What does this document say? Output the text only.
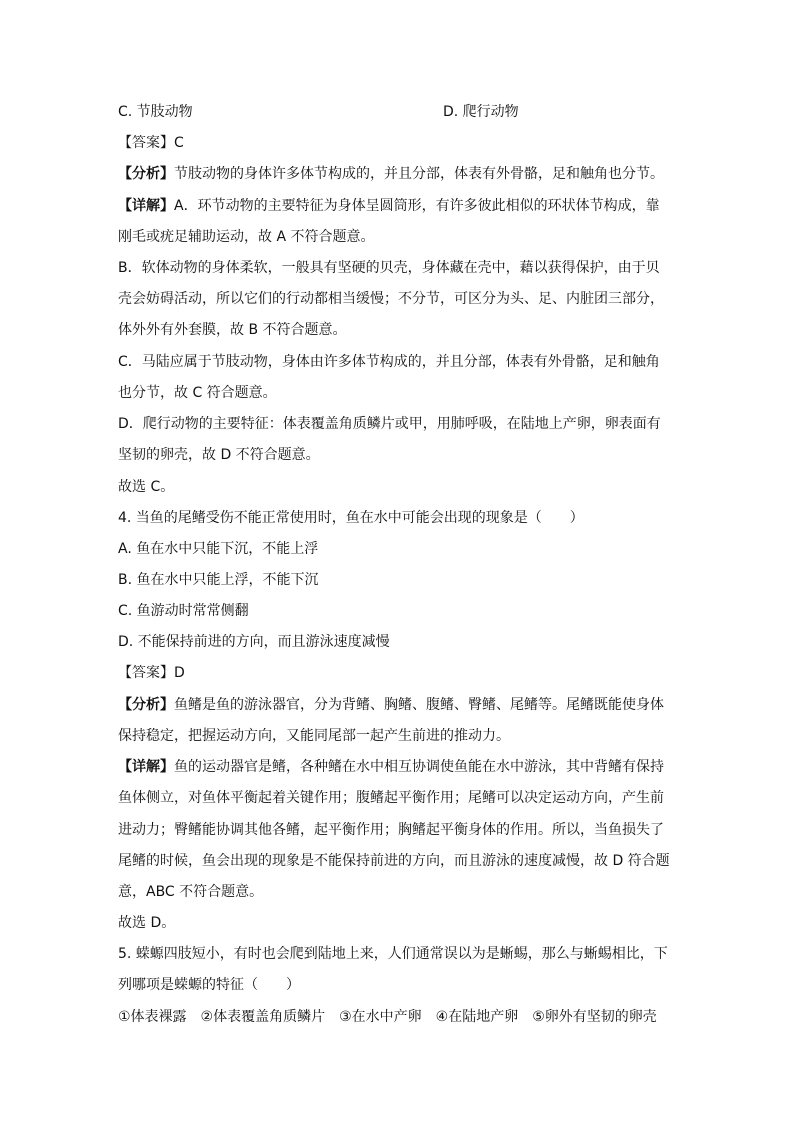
C. 节肢动物	D. 爬行动物
【答案】C
【分析】节肢动物的身体许多体节构成的，并且分部，体表有外骨骼，足和触角也分节。
【详解】A．环节动物的主要特征为身体呈圆筒形，有许多彼此相似的环状体节构成，靠
刚毛或疣足辅助运动，故 A 不符合题意。
B．软体动物的身体柔软，一般具有坚硬的贝壳，身体藏在壳中，藉以获得保护，由于贝
壳会妨碍活动，所以它们的行动都相当缓慢；不分节，可区分为头、足、内脏团三部分，
体外外有外套膜，故 B 不符合题意。
C．马陆应属于节肢动物，身体由许多体节构成的，并且分部，体表有外骨骼，足和触角
也分节，故 C 符合题意。
D．爬行动物的主要特征：体表覆盖角质鳞片或甲，用肺呼吸，在陆地上产卵，卵表面有
坚韧的卵壳，故 D 不符合题意。
故选 C。
4. 当鱼的尾鳍受伤不能正常使用时，鱼在水中可能会出现的现象是（　　）
A. 鱼在水中只能下沉，不能上浮
B. 鱼在水中只能上浮，不能下沉
C. 鱼游动时常常侧翻
D. 不能保持前进的方向，而且游泳速度减慢
【答案】D
【分析】鱼鳍是鱼的游泳器官，分为背鳍、胸鳍、腹鳍、臀鳍、尾鳍等。尾鳍既能使身体
保持稳定，把握运动方向，又能同尾部一起产生前进的推动力。
【详解】鱼的运动器官是鳍，各种鳍在水中相互协调使鱼能在水中游泳，其中背鳍有保持
鱼体侧立，对鱼体平衡起着关键作用；腹鳍起平衡作用；尾鳍可以决定运动方向，产生前
进动力；臀鳍能协调其他各鳍，起平衡作用；胸鳍起平衡身体的作用。所以，当鱼损失了
尾鳍的时候，鱼会出现的现象是不能保持前进的方向，而且游泳的速度减慢，故 D 符合题
意，ABC 不符合题意。
故选 D。
5. 蝾螈四肢短小，有时也会爬到陆地上来，人们通常误以为是蜥蜴，那么与蜥蜴相比，下
列哪项是蝾螈的特征（　　）
①体表裸露　②体表覆盖角质鳞片　③在水中产卵　④在陆地产卵　⑤卵外有坚韧的卵壳
